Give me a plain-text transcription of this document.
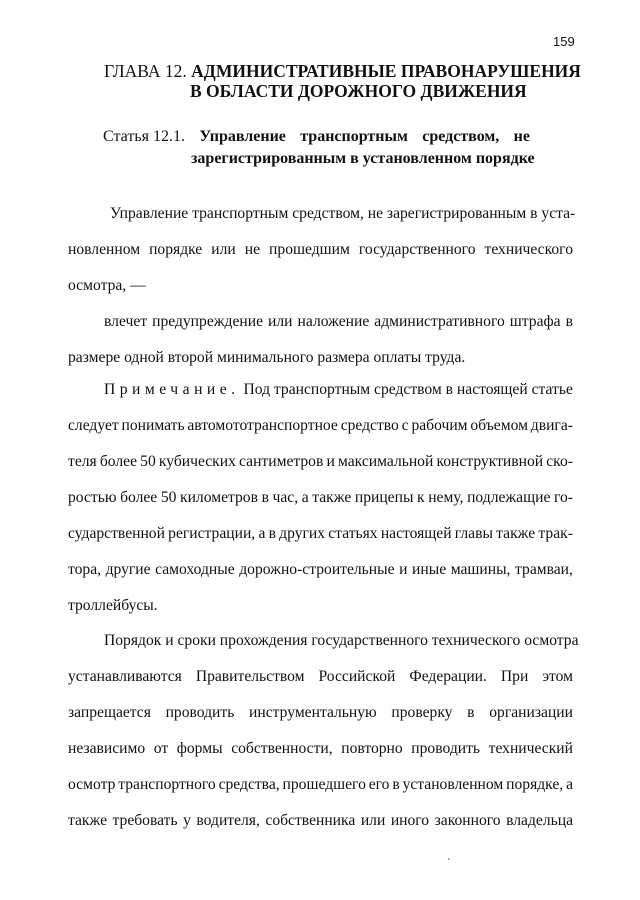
159
ГЛАВА 12. АДМИНИСТРАТИВНЫЕ ПРАВОНАРУШЕНИЯ
В ОБЛАСТИ ДОРОЖНОГО ДВИЖЕНИЯ
Статья 12.1. Управление транспортным средством, не
зарегистрированным в установленном порядке
Управление транспортным средством, не зарегистрированным в уста-
новленном порядке или не прошедшим государственного технического
осмотра, —
влечет предупреждение или наложение административного штрафа в
размере одной второй минимального размера оплаты труда.
Примечание. Под транспортным средством в настоящей статье
следует понимать автомототранспортное средство с рабочим объемом двига-
теля более 50 кубических сантиметров и максимальной конструктивной ско-
ростью более 50 километров в час, а также прицепы к нему, подлежащие го-
сударственной регистрации, а в других статьях настоящей главы также трак-
тора, другие самоходные дорожно-строительные и иные машины, трамваи,
троллейбусы.
Порядок и сроки прохождения государственного технического осмотра
устанавливаются Правительством Российской Федерации. При этом
запрещается проводить инструментальную проверку в организации
независимо от формы собственности, повторно проводить технический
осмотр транспортного средства, прошедшего его в установленном порядке, а
также требовать у водителя, собственника или иного законного владельца
